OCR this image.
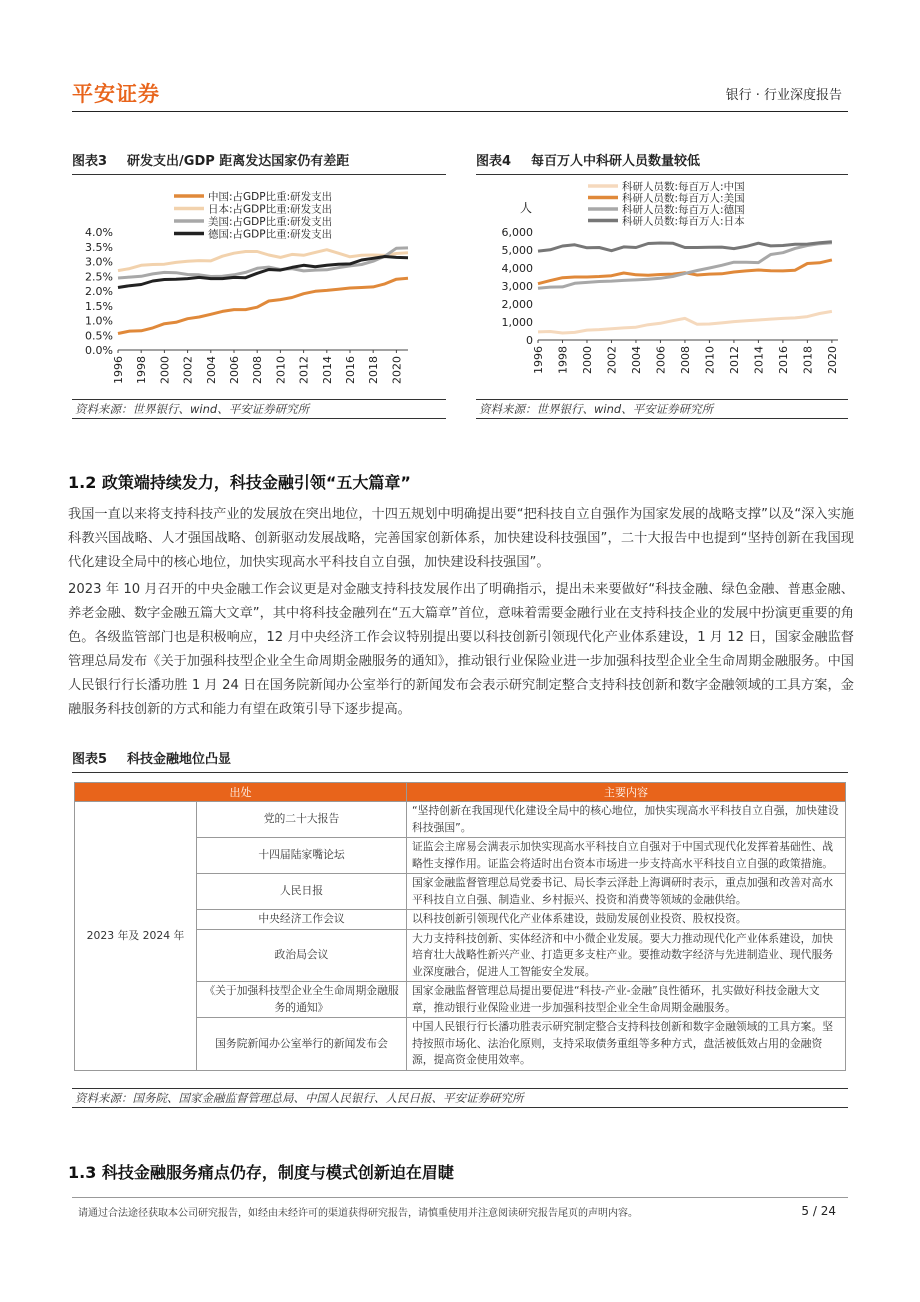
平安证券	银行 · 行业深度报告
图表3 研发支出/GDP 距离发达国家仍有差距
0.0%
0.5%
1.0%
1.5%
2.0%
2.5%
3.0%
3.5%
4.0%
1996 1998 2000 2002 2004 2006 2008 2010 2012 2014 2016 2018 2020
中国:占GDP比重:研发支出
日本:占GDP比重:研发支出
美国:占GDP比重:研发支出
德国:占GDP比重:研发支出
资料来源：世界银行、wind、平安证券研究所
图表4 每百万人中科研人员数量较低
0
1,000
2,000
3,000
4,000
5,000
6,000
1996 1998 2000 2002 2004 2006 2008 2010 2012 2014 2016 2018 2020
人
科研人员数:每百万人:中国
科研人员数:每百万人:美国
科研人员数:每百万人:德国
科研人员数:每百万人:日本
资料来源：世界银行、wind、平安证券研究所
1.2 政策端持续发力，科技金融引领“五大篇章”
我国一直以来将支持科技产业的发展放在突出地位，十四五规划中明确提出要“把科技自立自强作为国家发展的战略支撑”以及“深入实施科教兴国战略、人才强国战略、创新驱动发展战略，完善国家创新体系，加快建设科技强国”，二十大报告中也提到“坚持创新在我国现代化建设全局中的核心地位，加快实现高水平科技自立自强，加快建设科技强国”。
2023 年 10 月召开的中央金融工作会议更是对金融支持科技发展作出了明确指示，提出未来要做好“科技金融、绿色金融、普惠金融、养老金融、数字金融五篇大文章”，其中将科技金融列在“五大篇章”首位，意味着需要金融行业在支持科技企业的发展中扮演更重要的角色。各级监管部门也是积极响应，12 月中央经济工作会议特别提出要以科技创新引领现代化产业体系建设，1 月 12 日，国家金融监督管理总局发布《关于加强科技型企业全生命周期金融服务的通知》，推动银行业保险业进一步加强科技型企业全生命周期金融服务。中国人民银行行长潘功胜 1 月 24 日在国务院新闻办公室举行的新闻发布会表示研究制定整合支持科技创新和数字金融领域的工具方案，金融服务科技创新的方式和能力有望在政策引导下逐步提高。
图表5 科技金融地位凸显
出处		主要内容
2023 年及 2024 年	党的二十大报告	“坚持创新在我国现代化建设全局中的核心地位，加快实现高水平科技自立自强，加快建设科技强国”。
	十四届陆家嘴论坛	证监会主席易会满表示加快实现高水平科技自立自强对于中国式现代化发挥着基础性、战略性支撑作用。证监会将适时出台资本市场进一步支持高水平科技自立自强的政策措施。
	人民日报	国家金融监督管理总局党委书记、局长李云泽赴上海调研时表示，重点加强和改善对高水平科技自立自强、制造业、乡村振兴、投资和消费等领域的金融供给。
	中央经济工作会议	以科技创新引领现代化产业体系建设，鼓励发展创业投资、股权投资。
	政治局会议	大力支持科技创新、实体经济和中小微企业发展。要大力推动现代化产业体系建设，加快培育壮大战略性新兴产业、打造更多支柱产业。要推动数字经济与先进制造业、现代服务业深度融合，促进人工智能安全发展。
	《关于加强科技型企业全生命周期金融服务的通知》	国家金融监督管理总局提出要促进“科技-产业-金融”良性循环，扎实做好科技金融大文章，推动银行业保险业进一步加强科技型企业全生命周期金融服务。
	国务院新闻办公室举行的新闻发布会	中国人民银行行长潘功胜表示研究制定整合支持科技创新和数字金融领域的工具方案。坚持按照市场化、法治化原则，支持采取债务重组等多种方式，盘活被低效占用的金融资源，提高资金使用效率。
资料来源：国务院、国家金融监督管理总局、中国人民银行、人民日报、平安证券研究所
1.3 科技金融服务痛点仍存，制度与模式创新迫在眉睫
请通过合法途径获取本公司研究报告，如经由未经许可的渠道获得研究报告，请慎重使用并注意阅读研究报告尾页的声明内容。	5 / 24
